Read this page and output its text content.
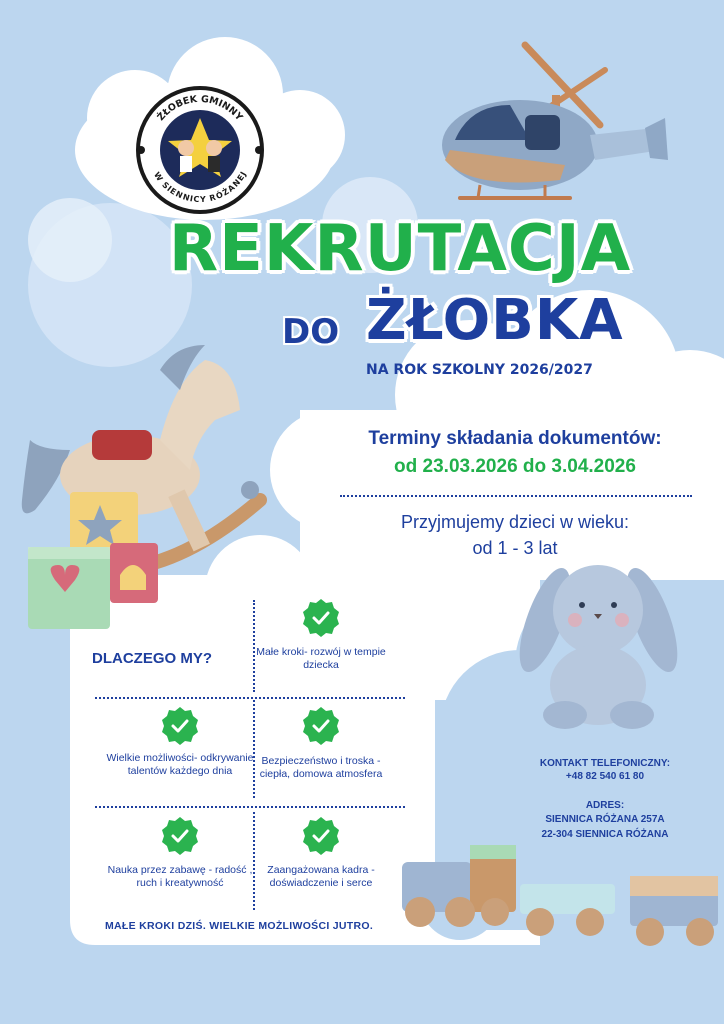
ŻŁOBEK GMINNY
W SIENNICY RÓŻANEJ
REKRUTACJA
DO ŻŁOBKA
NA ROK SZKOLNY 2026/2027
Terminy składania dokumentów:
od 23.03.2026 do 3.04.2026
Przyjmujemy dzieci w wieku:
od 1 - 3 lat
DLACZEGO MY?	Małe kroki- rozwój w tempie dziecka
Wielkie możliwości- odkrywanie talentów każdego dnia
Bezpieczeństwo i troska - ciepła, domowa atmosfera
Nauka przez zabawę - radość , ruch i kreatywność
Zaangażowana kadra - doświadczenie i serce
MAŁE KROKI DZIŚ. WIELKIE MOŻLIWOŚCI JUTRO.
KONTAKT TELEFONICZNY:
+48 82 540 61 80
ADRES:
SIENNICA RÓŻANA 257A
22-304 SIENNICA RÓŻANA
